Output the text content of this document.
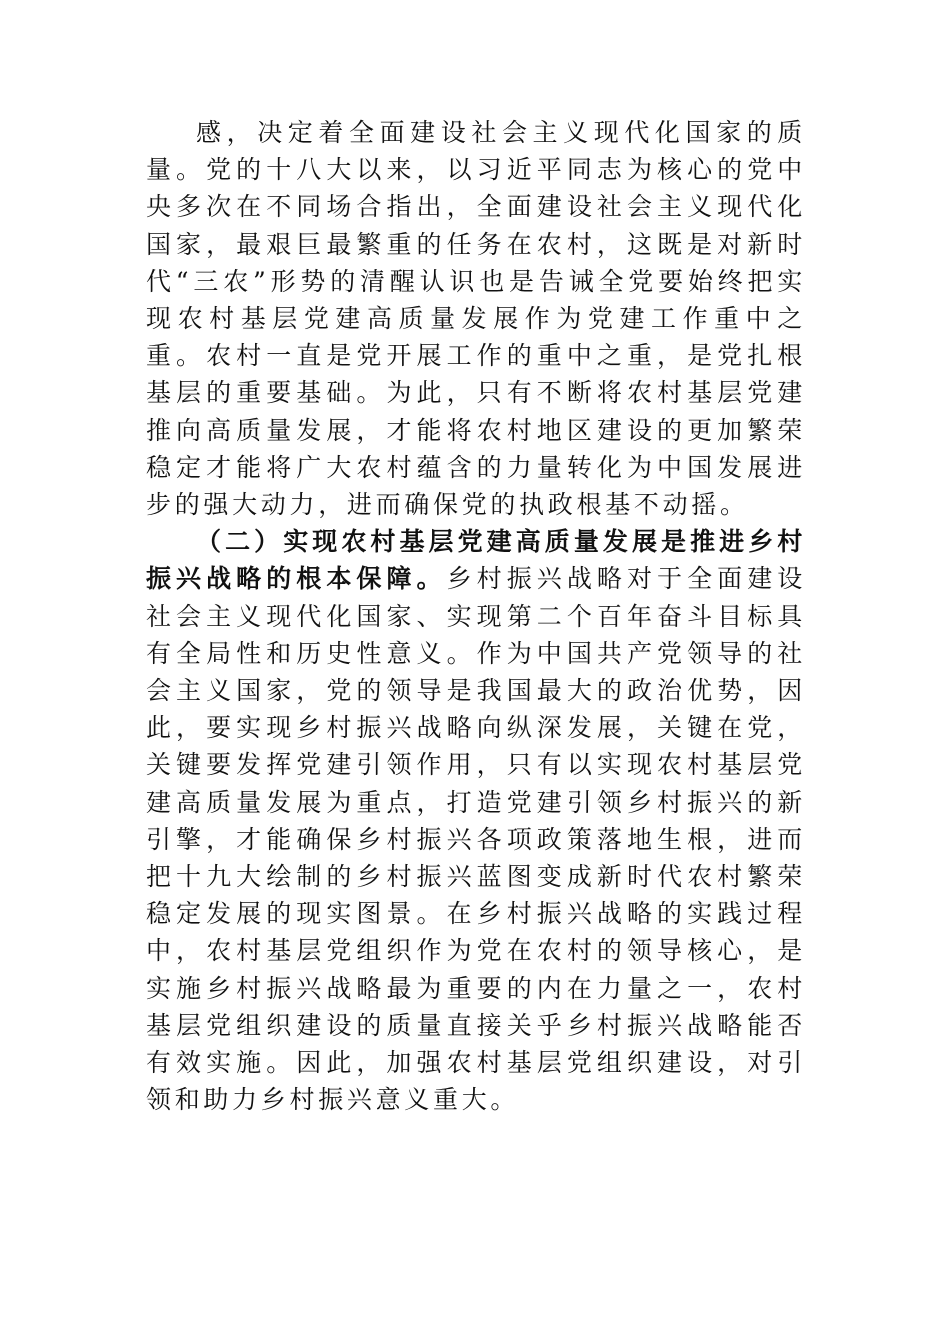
感，决定着全面建设社会主义现代化国家的质量。党的十八大以来，以习近平同志为核心的党中央多次在不同场合指出，全面建设社会主义现代化国家，最艰巨最繁重的任务在农村，这既是对新时代“三农”形势的清醒认识也是告诫全党要始终把实现农村基层党建高质量发展作为党建工作重中之重。农村一直是党开展工作的重中之重，是党扎根基层的重要基础。为此，只有不断将农村基层党建推向高质量发展，才能将农村地区建设的更加繁荣稳定才能将广大农村蕴含的力量转化为中国发展进步的强大动力，进而确保党的执政根基不动摇。

（二）实现农村基层党建高质量发展是推进乡村振兴战略的根本保障。乡村振兴战略对于全面建设社会主义现代化国家、实现第二个百年奋斗目标具有全局性和历史性意义。作为中国共产党领导的社会主义国家，党的领导是我国最大的政治优势，因此，要实现乡村振兴战略向纵深发展，关键在党，关键要发挥党建引领作用，只有以实现农村基层党建高质量发展为重点，打造党建引领乡村振兴的新引擎，才能确保乡村振兴各项政策落地生根，进而把十九大绘制的乡村振兴蓝图变成新时代农村繁荣稳定发展的现实图景。在乡村振兴战略的实践过程中，农村基层党组织作为党在农村的领导核心，是实施乡村振兴战略最为重要的内在力量之一，农村基层党组织建设的质量直接关乎乡村振兴战略能否有效实施。因此，加强农村基层党组织建设，对引领和助力乡村振兴意义重大。
